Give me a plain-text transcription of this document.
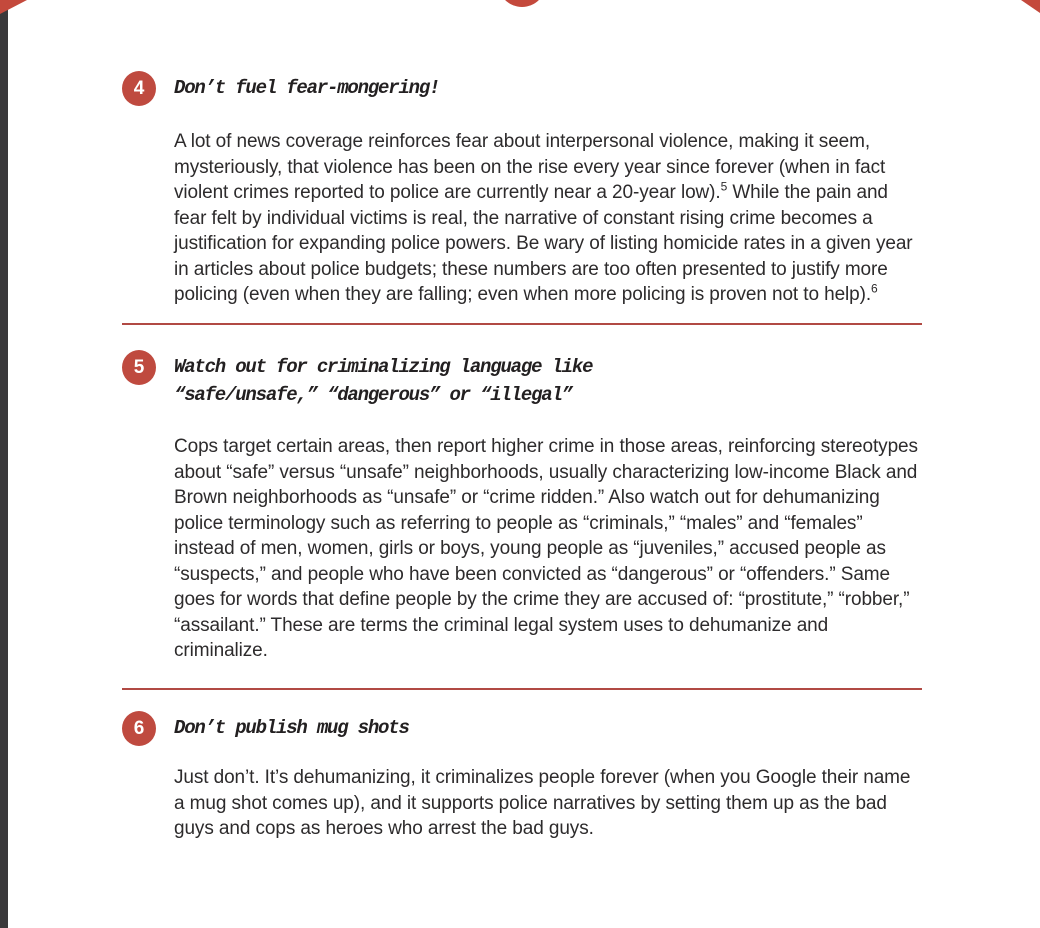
4 Don’t fuel fear-mongering!

A lot of news coverage reinforces fear about interpersonal violence, making it seem, mysteriously, that violence has been on the rise every year since forever (when in fact violent crimes reported to police are currently near a 20-year low).$^5$ While the pain and fear felt by individual victims is real, the narrative of constant rising crime becomes a justification for expanding police powers. Be wary of listing homicide rates in a given year in articles about police budgets; these numbers are too often presented to justify more policing (even when they are falling; even when more policing is proven not to help).$^6$

5 Watch out for criminalizing language like
“safe/unsafe,” “dangerous” or “illegal”

Cops target certain areas, then report higher crime in those areas, reinforcing stereotypes about “safe” versus “unsafe” neighborhoods, usually characterizing low-income Black and Brown neighborhoods as “unsafe” or “crime ridden.” Also watch out for dehumanizing police terminology such as referring to people as “criminals,” “males” and “females” instead of men, women, girls or boys, young people as “juveniles,” accused people as “suspects,” and people who have been convicted as “dangerous” or “offenders.” Same goes for words that define people by the crime they are accused of: “prostitute,” “robber,” “assailant.” These are terms the criminal legal system uses to dehumanize and criminalize.

6 Don’t publish mug shots

Just don’t. It’s dehumanizing, it criminalizes people forever (when you Google their name a mug shot comes up), and it supports police narratives by setting them up as the bad guys and cops as heroes who arrest the bad guys.
